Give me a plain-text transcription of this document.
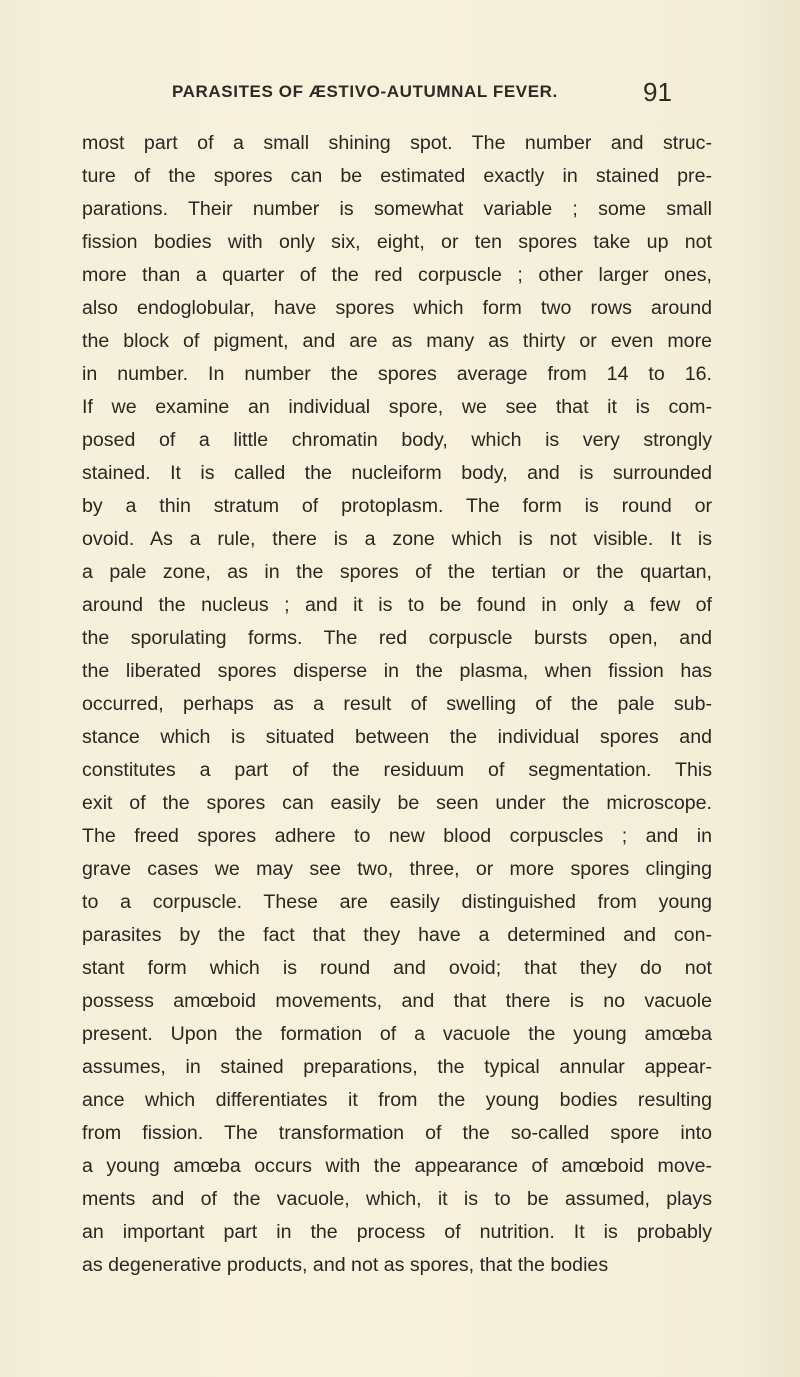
PARASITES OF ÆSTIVO-AUTUMNAL FEVER.	91
most part of a small shining spot. The number and struc-
ture of the spores can be estimated exactly in stained pre-
parations. Their number is somewhat variable ; some small
fission bodies with only six, eight, or ten spores take up not
more than a quarter of the red corpuscle ; other larger ones,
also endoglobular, have spores which form two rows around
the block of pigment, and are as many as thirty or even more
in number. In number the spores average from 14 to 16.
If we examine an individual spore, we see that it is com-
posed of a little chromatin body, which is very strongly
stained. It is called the nucleiform body, and is surrounded
by a thin stratum of protoplasm. The form is round or
ovoid. As a rule, there is a zone which is not visible. It is
a pale zone, as in the spores of the tertian or the quartan,
around the nucleus ; and it is to be found in only a few of
the sporulating forms. The red corpuscle bursts open, and
the liberated spores disperse in the plasma, when fission has
occurred, perhaps as a result of swelling of the pale sub-
stance which is situated between the individual spores and
constitutes a part of the residuum of segmentation. This
exit of the spores can easily be seen under the microscope.
The freed spores adhere to new blood corpuscles ; and in
grave cases we may see two, three, or more spores clinging
to a corpuscle. These are easily distinguished from young
parasites by the fact that they have a determined and con-
stant form which is round and ovoid; that they do not
possess amœboid movements, and that there is no vacuole
present. Upon the formation of a vacuole the young amœba
assumes, in stained preparations, the typical annular appear-
ance which differentiates it from the young bodies resulting
from fission. The transformation of the so-called spore into
a young amœba occurs with the appearance of amœboid move-
ments and of the vacuole, which, it is to be assumed, plays
an important part in the process of nutrition. It is probably
as degenerative products, and not as spores, that the bodies
